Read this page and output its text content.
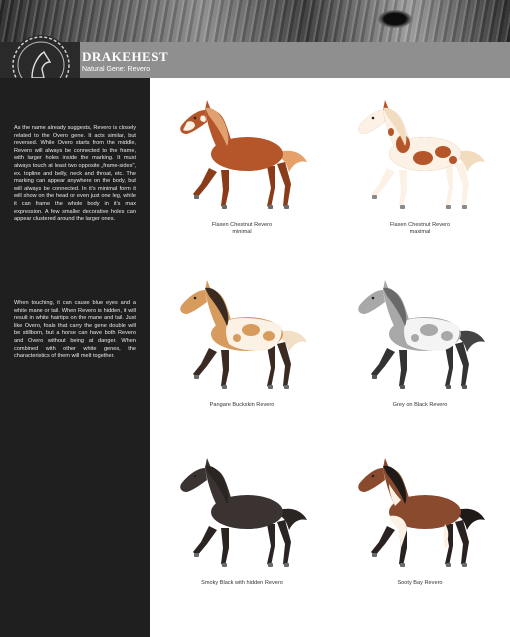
DRAKEHEST
Natural Gene: Revero

As the name already suggests, Revero is closely related to the Overo gene. It acts similar, but reversed. While Overo starts from the middle, Revero will always be connected to the frame, with larger holes inside the marking. It must always touch at least two opposite „frame-sides", ex. topline and belly, neck and throat, etc. The marking can appear anywhere on the body, but will always be connected. In it's minimal form it will show on the head or even just one leg, while it can frame the whole body in it's max expression. A few smaller decorative holes can appear clustered around the larger ones.

When touching, it can cause blue eyes and a white mane or tail. When Revero is hidden, it will result in white hairtips on the mane and tail. Just like Overo, foals that carry the gene double will be stillborn, but a horse can have both Revero and Overo without being at danger. When combined with other white genes, the characteristics of them will melt together.

Flaxen Chestnut Revero
minimal
Flaxen Chestnut Revero
maximal
Pangare Buckskin Revero	Grey on Black Revero
Smoky Black with hidden Revero	Sooty Bay Revero
